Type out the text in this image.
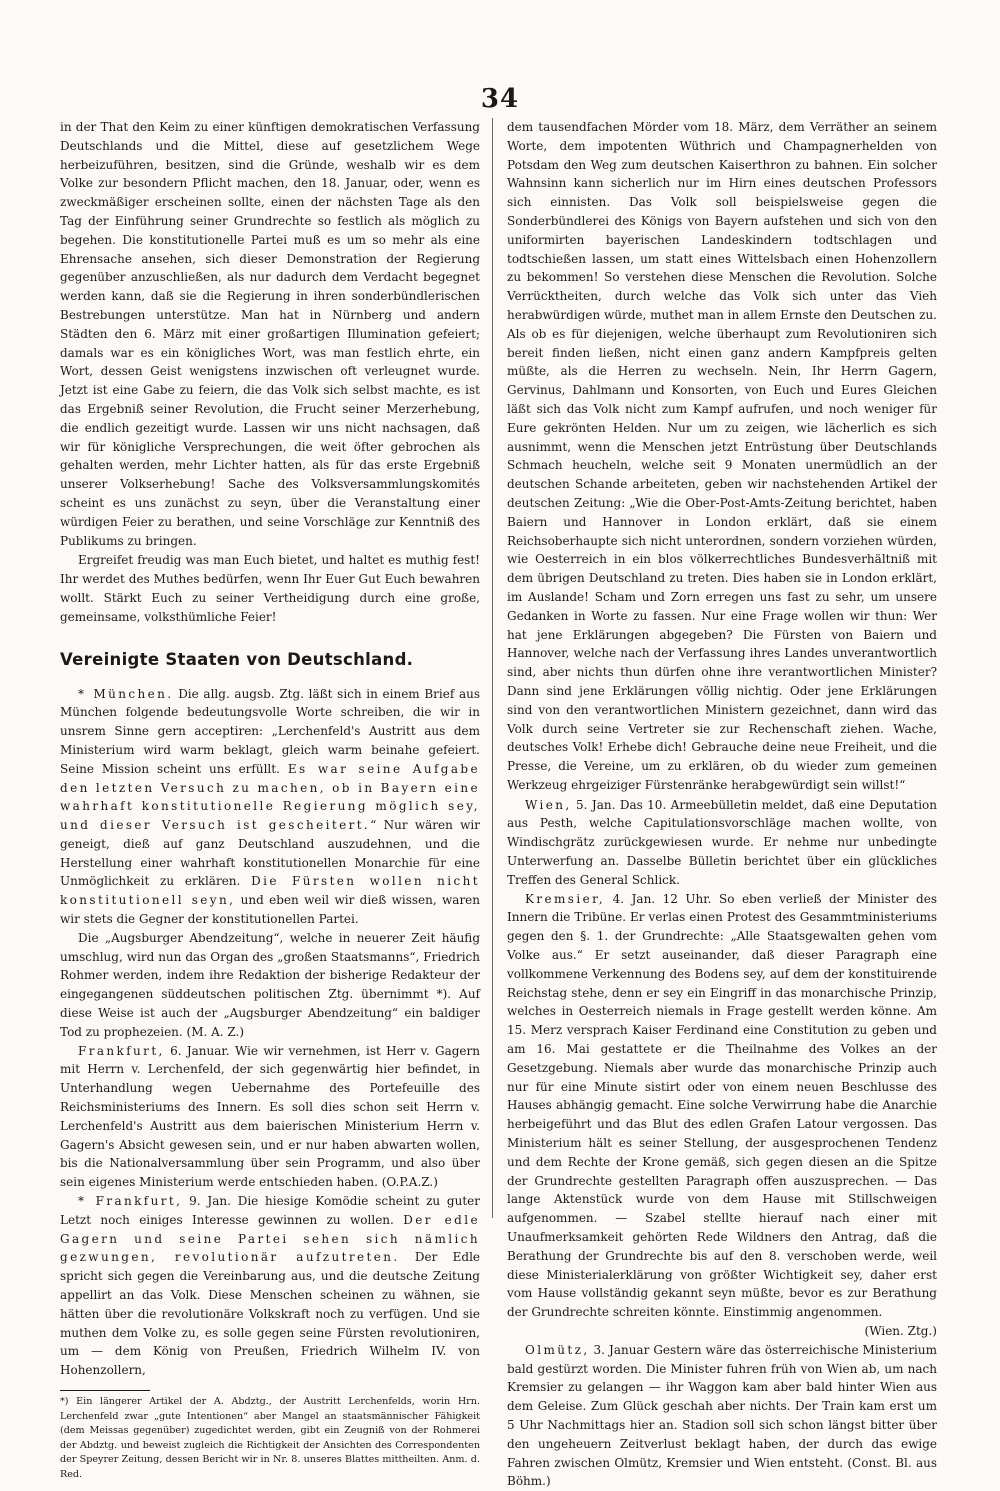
34

in der That den Keim zu einer künftigen demokratischen Verfassung Deutschlands und die Mittel, diese auf gesetzlichem Wege herbeizuführen, besitzen, sind die Gründe, weshalb wir es dem Volke zur besondern Pflicht machen, den 18. Januar, oder, wenn es zweckmäßiger erscheinen sollte, einen der nächsten Tage als den Tag der Einführung seiner Grundrechte so festlich als möglich zu begehen. Die konstitutionelle Partei muß es um so mehr als eine Ehrensache ansehen, sich dieser Demonstration der Regierung gegenüber anzuschließen, als nur dadurch dem Verdacht begegnet werden kann, daß sie die Regierung in ihren sonderbündlerischen Bestrebungen unterstütze. Man hat in Nürnberg und andern Städten den 6. März mit einer großartigen Illumination gefeiert; damals war es ein königliches Wort, was man festlich ehrte, ein Wort, dessen Geist wenigstens inzwischen oft verleugnet wurde. Jetzt ist eine Gabe zu feiern, die das Volk sich selbst machte, es ist das Ergebniß seiner Revolution, die Frucht seiner Merzerhebung, die endlich gezeitigt wurde. Lassen wir uns nicht nachsagen, daß wir für königliche Versprechungen, die weit öfter gebrochen als gehalten werden, mehr Lichter hatten, als für das erste Ergebniß unserer Volkserhebung! Sache des Volksversammlungskomités scheint es uns zunächst zu seyn, über die Veranstaltung einer würdigen Feier zu berathen, und seine Vorschläge zur Kenntniß des Publikums zu bringen.

Ergreifet freudig was man Euch bietet, und haltet es muthig fest! Ihr werdet des Muthes bedürfen, wenn Ihr Euer Gut Euch bewahren wollt. Stärkt Euch zu seiner Vertheidigung durch eine große, gemeinsame, volksthümliche Feier!

Vereinigte Staaten von Deutschland.

* München. Die allg. augsb. Ztg. läßt sich in einem Brief aus München folgende bedeutungsvolle Worte schreiben, die wir in unsrem Sinne gern acceptiren: „Lerchenfeld's Austritt aus dem Ministerium wird warm beklagt, gleich warm beinahe gefeiert. Seine Mission scheint uns erfüllt. Es war seine Aufgabe den letzten Versuch zu machen, ob in Bayern eine wahrhaft konstitutionelle Regierung möglich sey, und dieser Versuch ist gescheitert.“ Nur wären wir geneigt, dieß auf ganz Deutschland auszudehnen, und die Herstellung einer wahrhaft konstitutionellen Monarchie für eine Unmöglichkeit zu erklären. Die Fürsten wollen nicht konstitutionell seyn, und eben weil wir dieß wissen, waren wir stets die Gegner der konstitutionellen Partei.

Die „Augsburger Abendzeitung“, welche in neuerer Zeit häufig umschlug, wird nun das Organ des „großen Staatsmanns“, Friedrich Rohmer werden, indem ihre Redaktion der bisherige Redakteur der eingegangenen süddeutschen politischen Ztg. übernimmt *). Auf diese Weise ist auch der „Augsburger Abendzeitung“ ein baldiger Tod zu prophezeien. (M. A. Z.)

Frankfurt, 6. Januar. Wie wir vernehmen, ist Herr v. Gagern mit Herrn v. Lerchenfeld, der sich gegenwärtig hier befindet, in Unterhandlung wegen Uebernahme des Portefeuille des Reichsministeriums des Innern. Es soll dies schon seit Herrn v. Lerchenfeld's Austritt aus dem baierischen Ministerium Herrn v. Gagern's Absicht gewesen sein, und er nur haben abwarten wollen, bis die Nationalversammlung über sein Programm, und also über sein eigenes Ministerium werde entschieden haben. (O.P.A.Z.)

* Frankfurt, 9. Jan. Die hiesige Komödie scheint zu guter Letzt noch einiges Interesse gewinnen zu wollen. Der edle Gagern und seine Partei sehen sich nämlich gezwungen, revolutionär aufzutreten. Der Edle spricht sich gegen die Vereinbarung aus, und die deutsche Zeitung appellirt an das Volk. Diese Menschen scheinen zu wähnen, sie hätten über die revolutionäre Volkskraft noch zu verfügen. Und sie muthen dem Volke zu, es solle gegen seine Fürsten revolutioniren, um — dem König von Preußen, Friedrich Wilhelm IV. von Hohenzollern,

*) Ein längerer Artikel der A. Abdztg., der Austritt Lerchenfelds, worin Hrn. Lerchenfeld zwar „gute Intentionen“ aber Mangel an staatsmännischer Fähigkeit (dem Meissas gegenüber) zugedichtet werden, gibt ein Zeugniß von der Rohmerei der Abdztg. und beweist zugleich die Richtigkeit der Ansichten des Correspondenten der Speyrer Zeitung, dessen Bericht wir in Nr. 8. unseres Blattes mittheilten. Anm. d. Red.

dem tausendfachen Mörder vom 18. März, dem Verräther an seinem Worte, dem impotenten Wüthrich und Champagnerhelden von Potsdam den Weg zum deutschen Kaiserthron zu bahnen. Ein solcher Wahnsinn kann sicherlich nur im Hirn eines deutschen Professors sich einnisten. Das Volk soll beispielsweise gegen die Sonderbündlerei des Königs von Bayern aufstehen und sich von den uniformirten bayerischen Landeskindern todtschlagen und todtschießen lassen, um statt eines Wittelsbach einen Hohenzollern zu bekommen! So verstehen diese Menschen die Revolution. Solche Verrücktheiten, durch welche das Volk sich unter das Vieh herabwürdigen würde, muthet man in allem Ernste den Deutschen zu. Als ob es für diejenigen, welche überhaupt zum Revolutioniren sich bereit finden ließen, nicht einen ganz andern Kampfpreis gelten müßte, als die Herren zu wechseln. Nein, Ihr Herrn Gagern, Gervinus, Dahlmann und Konsorten, von Euch und Eures Gleichen läßt sich das Volk nicht zum Kampf aufrufen, und noch weniger für Eure gekrönten Helden. Nur um zu zeigen, wie lächerlich es sich ausnimmt, wenn die Menschen jetzt Entrüstung über Deutschlands Schmach heucheln, welche seit 9 Monaten unermüdlich an der deutschen Schande arbeiteten, geben wir nachstehenden Artikel der deutschen Zeitung: „Wie die Ober-Post-Amts-Zeitung berichtet, haben Baiern und Hannover in London erklärt, daß sie einem Reichsoberhaupte sich nicht unterordnen, sondern vorziehen würden, wie Oesterreich in ein blos völkerrechtliches Bundesverhältniß mit dem übrigen Deutschland zu treten. Dies haben sie in London erklärt, im Auslande! Scham und Zorn erregen uns fast zu sehr, um unsere Gedanken in Worte zu fassen. Nur eine Frage wollen wir thun: Wer hat jene Erklärungen abgegeben? Die Fürsten von Baiern und Hannover, welche nach der Verfassung ihres Landes unverantwortlich sind, aber nichts thun dürfen ohne ihre verantwortlichen Minister? Dann sind jene Erklärungen völlig nichtig. Oder jene Erklärungen sind von den verantwortlichen Ministern gezeichnet, dann wird das Volk durch seine Vertreter sie zur Rechenschaft ziehen. Wache, deutsches Volk! Erhebe dich! Gebrauche deine neue Freiheit, und die Presse, die Vereine, um zu erklären, ob du wieder zum gemeinen Werkzeug ehrgeiziger Fürstenränke herabgewürdigt sein willst!“

Wien, 5. Jan. Das 10. Armeebülletin meldet, daß eine Deputation aus Pesth, welche Capitulationsvorschläge machen wollte, von Windischgrätz zurückgewiesen wurde. Er nehme nur unbedingte Unterwerfung an. Dasselbe Bülletin berichtet über ein glückliches Treffen des General Schlick.

Kremsier, 4. Jan. 12 Uhr. So eben verließ der Minister des Innern die Tribüne. Er verlas einen Protest des Gesammtministeriums gegen den §. 1. der Grundrechte: „Alle Staatsgewalten gehen vom Volke aus.“ Er setzt auseinander, daß dieser Paragraph eine vollkommene Verkennung des Bodens sey, auf dem der konstituirende Reichstag stehe, denn er sey ein Eingriff in das monarchische Prinzip, welches in Oesterreich niemals in Frage gestellt werden könne. Am 15. Merz versprach Kaiser Ferdinand eine Constitution zu geben und am 16. Mai gestattete er die Theilnahme des Volkes an der Gesetzgebung. Niemals aber wurde das monarchische Prinzip auch nur für eine Minute sistirt oder von einem neuen Beschlusse des Hauses abhängig gemacht. Eine solche Verwirrung habe die Anarchie herbeigeführt und das Blut des edlen Grafen Latour vergossen. Das Ministerium hält es seiner Stellung, der ausgesprochenen Tendenz und dem Rechte der Krone gemäß, sich gegen diesen an die Spitze der Grundrechte gestellten Paragraph offen auszusprechen. — Das lange Aktenstück wurde von dem Hause mit Stillschweigen aufgenommen. — Szabel stellte hierauf nach einer mit Unaufmerksamkeit gehörten Rede Wildners den Antrag, daß die Berathung der Grundrechte bis auf den 8. verschoben werde, weil diese Ministerialerklärung von größter Wichtigkeit sey, daher erst vom Hause vollständig gekannt seyn müßte, bevor es zur Berathung der Grundrechte schreiten könnte. Einstimmig angenommen.

(Wien. Ztg.)

Olmütz, 3. Januar Gestern wäre das österreichische Ministerium bald gestürzt worden. Die Minister fuhren früh von Wien ab, um nach Kremsier zu gelangen — ihr Waggon kam aber bald hinter Wien aus dem Geleise. Zum Glück geschah aber nichts. Der Train kam erst um 5 Uhr Nachmittags hier an. Stadion soll sich schon längst bitter über den ungeheuern Zeitverlust beklagt haben, der durch das ewige Fahren zwischen Olmütz, Kremsier und Wien entsteht. (Const. Bl. aus Böhm.)
